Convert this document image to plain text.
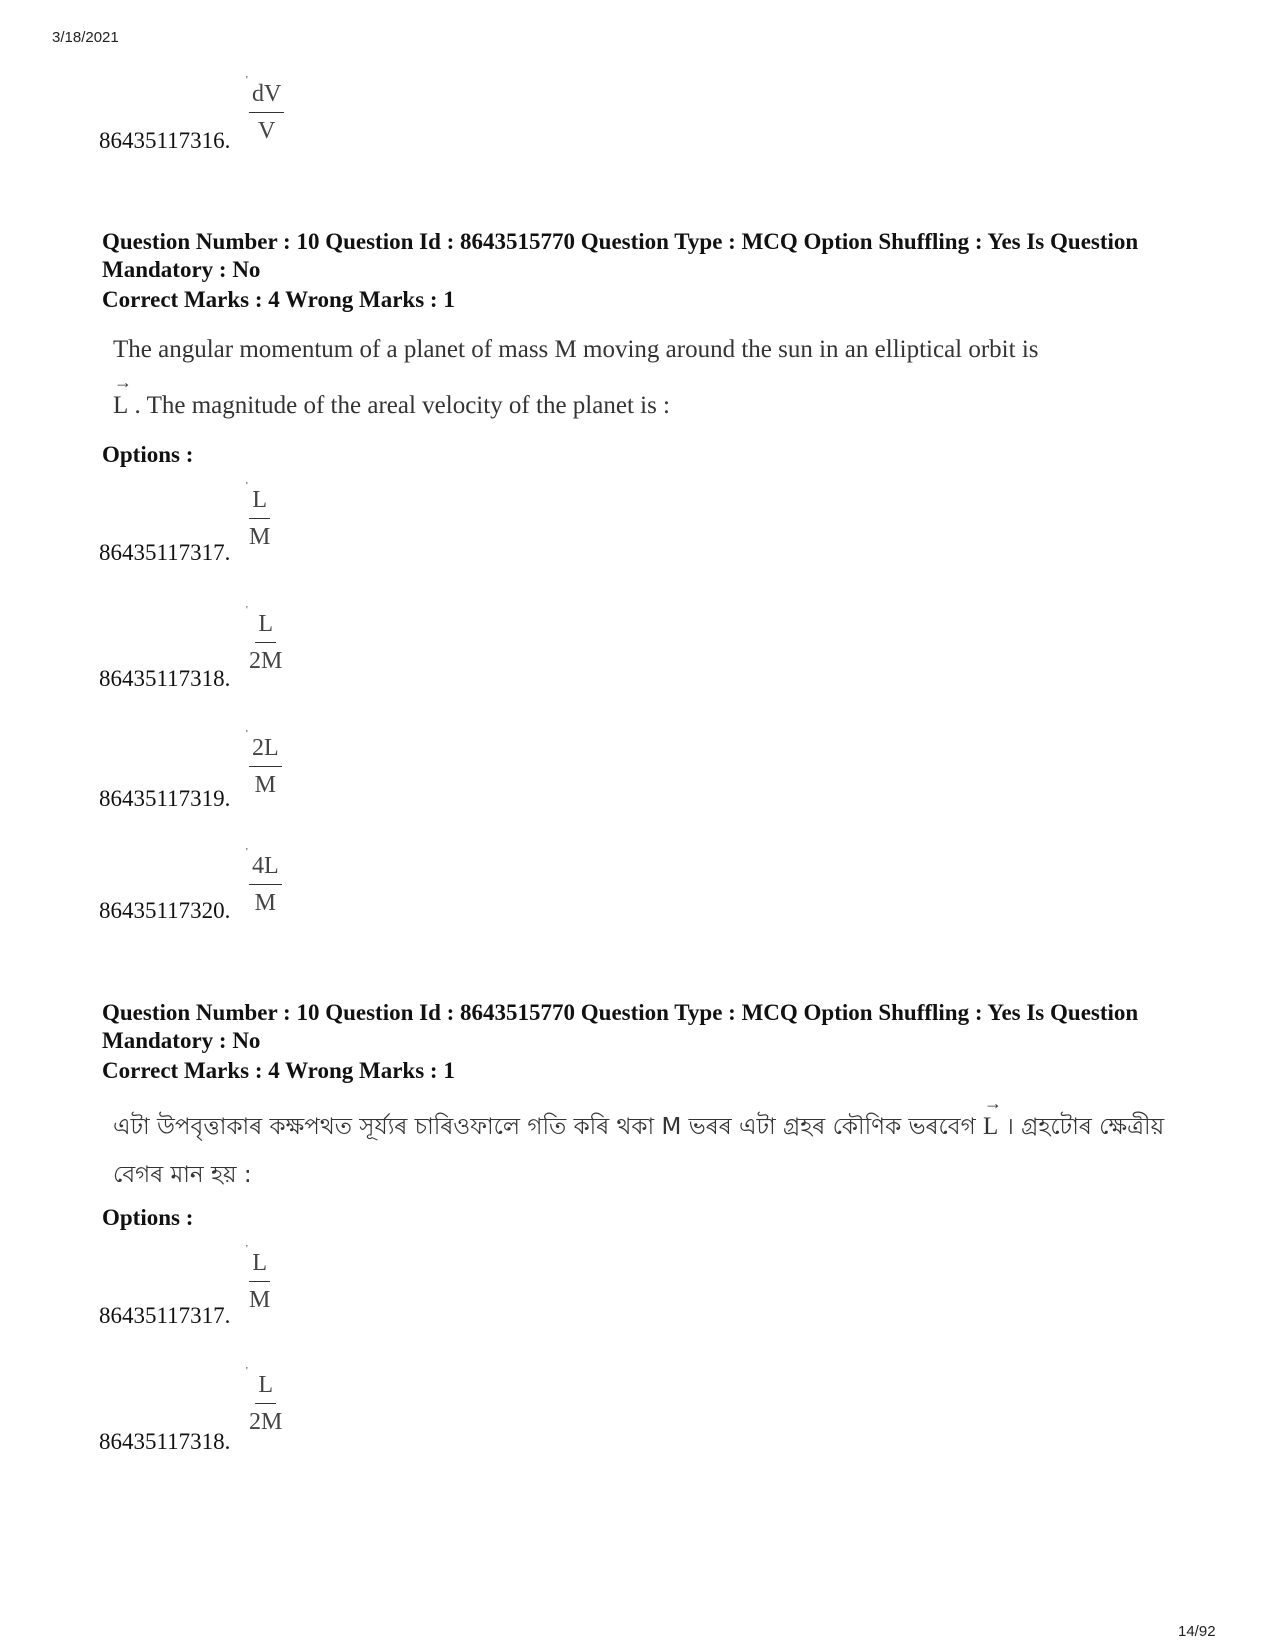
3/18/2021
86435117316.
'
dV
V
Question Number : 10 Question Id : 8643515770 Question Type : MCQ Option Shuffling : Yes Is Question Mandatory : No
Correct Marks : 4 Wrong Marks : 1
The angular momentum of a planet of mass M moving around the sun in an elliptical orbit is
→
L . The magnitude of the areal velocity of the planet is :
Options :
86435117317.
'
L
M
86435117318.
'
L
2M
86435117319.
'
2L
M
86435117320.
'
4L
M
Question Number : 10 Question Id : 8643515770 Question Type : MCQ Option Shuffling : Yes Is Question Mandatory : No
Correct Marks : 4 Wrong Marks : 1
এটা উপবৃত্তাকাৰ কক্ষপথত সূৰ্য্যৰ চাৰিওফালে গতি কৰি থকা M ভৰৰ এটা গ্ৰহৰ কৌণিক ভৰবেগ
→
L । গ্ৰহটোৰ ক্ষেত্ৰীয়
বেগৰ মান হয় :
Options :
86435117317.
'
L
M
86435117318.
'
L
2M
14/92
